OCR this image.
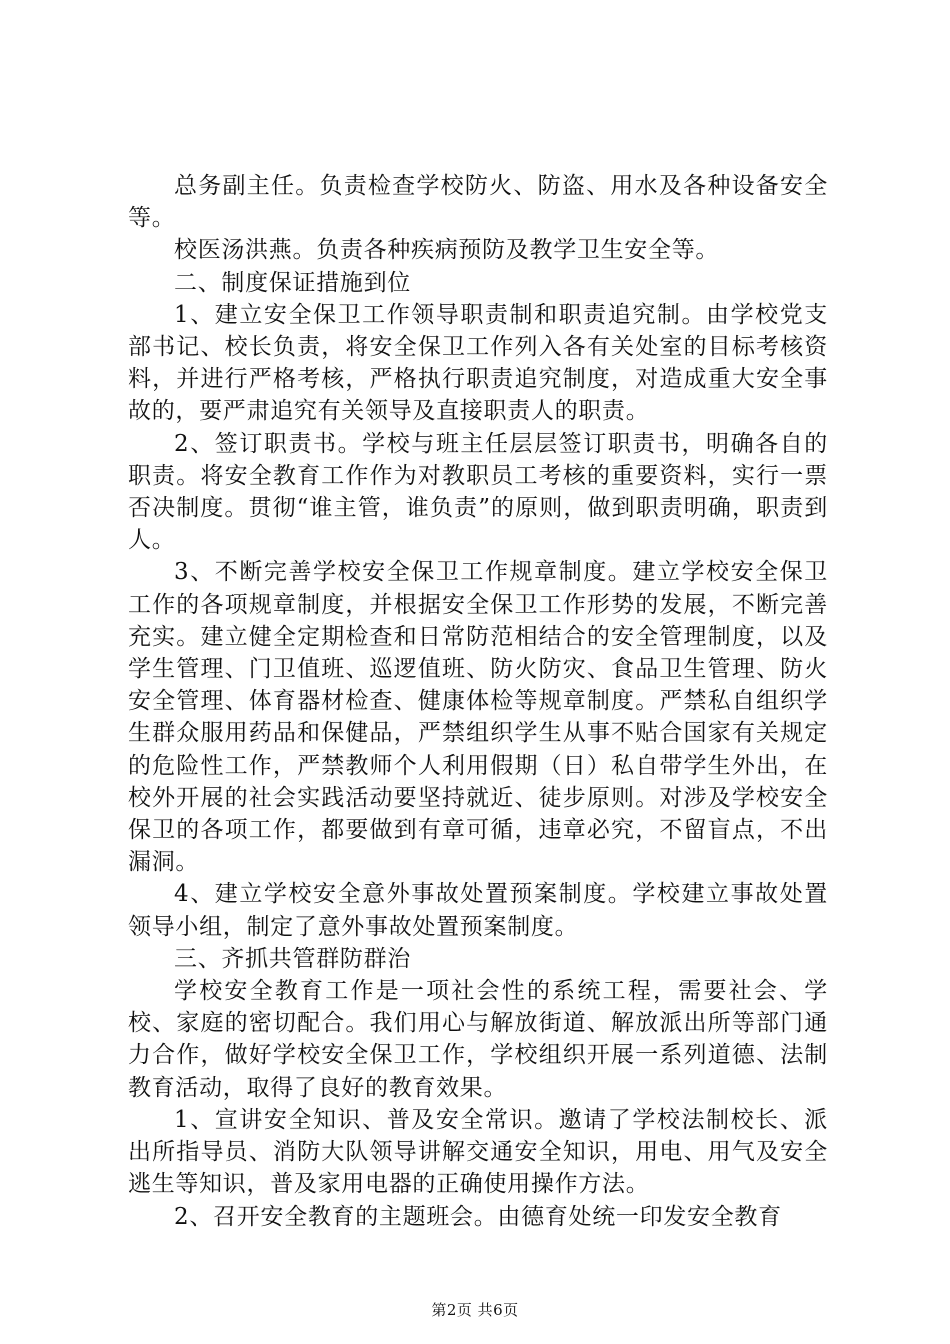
总务副主任。负责检查学校防火、防盗、用水及各种设备安全等。

校医汤洪燕。负责各种疾病预防及教学卫生安全等。

二、制度保证措施到位

1、建立安全保卫工作领导职责制和职责追究制。由学校党支部书记、校长负责，将安全保卫工作列入各有关处室的目标考核资料，并进行严格考核，严格执行职责追究制度，对造成重大安全事故的，要严肃追究有关领导及直接职责人的职责。

2、签订职责书。学校与班主任层层签订职责书，明确各自的职责。将安全教育工作作为对教职员工考核的重要资料，实行一票否决制度。贯彻“谁主管，谁负责”的原则，做到职责明确，职责到人。

3、不断完善学校安全保卫工作规章制度。建立学校安全保卫工作的各项规章制度，并根据安全保卫工作形势的发展，不断完善充实。建立健全定期检查和日常防范相结合的安全管理制度，以及学生管理、门卫值班、巡逻值班、防火防灾、食品卫生管理、防火安全管理、体育器材检查、健康体检等规章制度。严禁私自组织学生群众服用药品和保健品，严禁组织学生从事不贴合国家有关规定的危险性工作，严禁教师个人利用假期（日）私自带学生外出，在校外开展的社会实践活动要坚持就近、徒步原则。对涉及学校安全保卫的各项工作，都要做到有章可循，违章必究，不留盲点，不出漏洞。

4、建立学校安全意外事故处置预案制度。学校建立事故处置领导小组，制定了意外事故处置预案制度。

三、齐抓共管群防群治

学校安全教育工作是一项社会性的系统工程，需要社会、学校、家庭的密切配合。我们用心与解放街道、解放派出所等部门通力合作，做好学校安全保卫工作，学校组织开展一系列道德、法制教育活动，取得了良好的教育效果。

1、宣讲安全知识、普及安全常识。邀请了学校法制校长、派出所指导员、消防大队领导讲解交通安全知识，用电、用气及安全逃生等知识，普及家用电器的正确使用操作方法。

2、召开安全教育的主题班会。由德育处统一印发安全教育

第2页 共6页
